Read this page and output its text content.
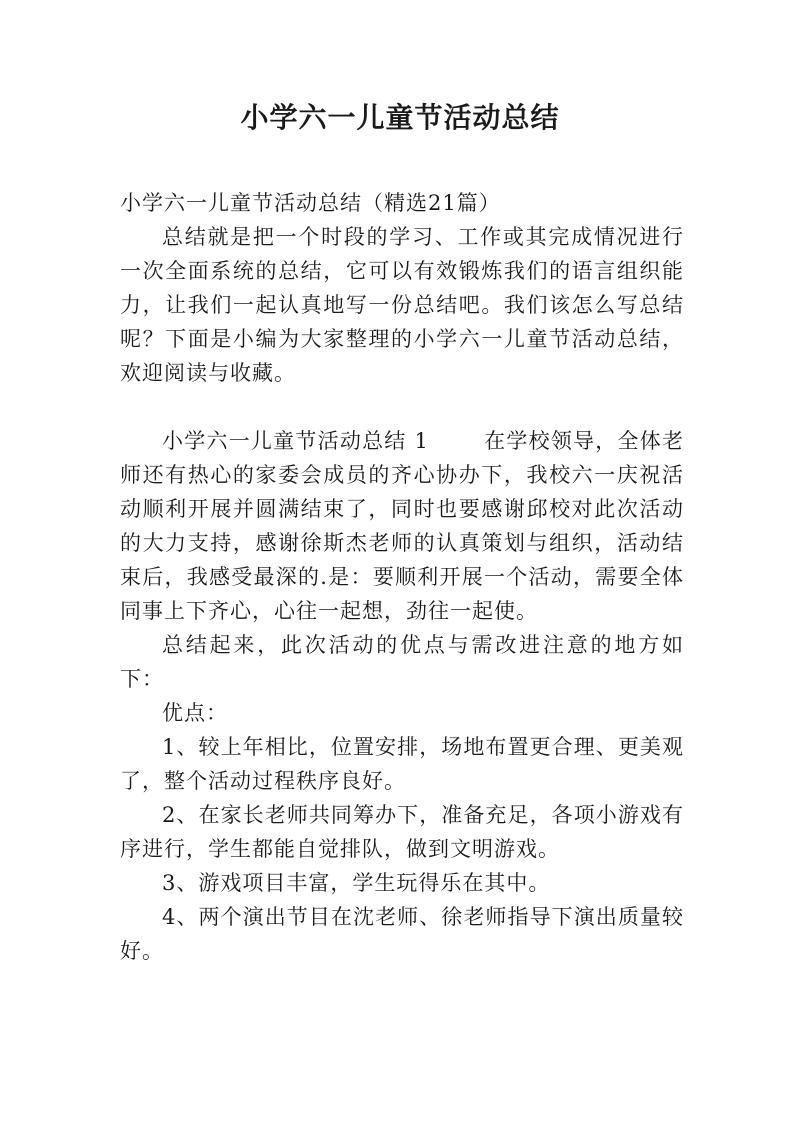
小学六一儿童节活动总结

小学六一儿童节活动总结（精选21篇）

总结就是把一个时段的学习、工作或其完成情况进行一次全面系统的总结，它可以有效锻炼我们的语言组织能力，让我们一起认真地写一份总结吧。我们该怎么写总结呢？下面是小编为大家整理的小学六一儿童节活动总结，欢迎阅读与收藏。

小学六一儿童节活动总结 1	在学校领导，全体老师还有热心的家委会成员的齐心协办下，我校六一庆祝活动顺利开展并圆满结束了，同时也要感谢邱校对此次活动的大力支持，感谢徐斯杰老师的认真策划与组织，活动结束后，我感受最深的.是：要顺利开展一个活动，需要全体同事上下齐心，心往一起想，劲往一起使。

总结起来，此次活动的优点与需改进注意的地方如下：

优点：

1、较上年相比，位置安排，场地布置更合理、更美观了，整个活动过程秩序良好。

2、在家长老师共同筹办下，准备充足，各项小游戏有序进行，学生都能自觉排队，做到文明游戏。

3、游戏项目丰富，学生玩得乐在其中。

4、两个演出节目在沈老师、徐老师指导下演出质量较好。
